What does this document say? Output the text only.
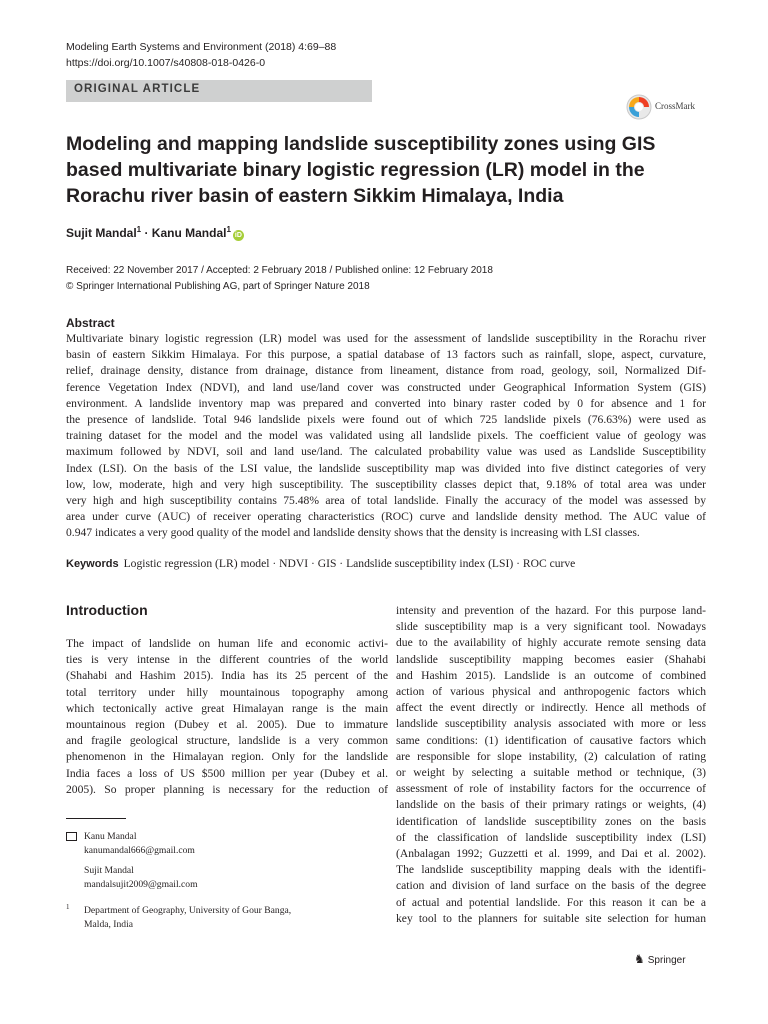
Modeling Earth Systems and Environment (2018) 4:69–88
https://doi.org/10.1007/s40808-018-0426-0
ORIGINAL ARTICLE
CrossMark
Modeling and mapping landslide susceptibility zones using GIS based multivariate binary logistic regression (LR) model in the Rorachu river basin of eastern Sikkim Himalaya, India
Sujit Mandal$^1$ · Kanu Mandal$^1$iD
Received: 22 November 2017 / Accepted: 2 February 2018 / Published online: 12 February 2018
© Springer International Publishing AG, part of Springer Nature 2018
Abstract
Multivariate binary logistic regression (LR) model was used for the assessment of landslide susceptibility in the Rorachu river
basin of eastern Sikkim Himalaya. For this purpose, a spatial database of 13 factors such as rainfall, slope, aspect, curvature,
relief, drainage density, distance from drainage, distance from lineament, distance from road, geology, soil, Normalized Dif-
ference Vegetation Index (NDVI), and land use/land cover was constructed under Geographical Information System (GIS)
environment. A landslide inventory map was prepared and converted into binary raster coded by 0 for absence and 1 for
the presence of landslide. Total 946 landslide pixels were found out of which 725 landslide pixels (76.63%) were used as
training dataset for the model and the model was validated using all landslide pixels. The coefficient value of geology was
maximum followed by NDVI, soil and land use/land. The calculated probability value was used as Landslide Susceptibility
Index (LSI). On the basis of the LSI value, the landslide susceptibility map was divided into five distinct categories of very
low, low, moderate, high and very high susceptibility. The susceptibility classes depict that, 9.18% of total area was under
very high and high susceptibility contains 75.48% area of total landslide. Finally the accuracy of the model was assessed by
area under curve (AUC) of receiver operating characteristics (ROC) curve and landslide density method. The AUC value of
0.947 indicates a very good quality of the model and landslide density shows that the density is increasing with LSI classes.
Keywords Logistic regression (LR) model · NDVI · GIS · Landslide susceptibility index (LSI) · ROC curve
Introduction
The impact of landslide on human life and economic activi-
ties is very intense in the different countries of the world
(Shahabi and Hashim 2015). India has its 25 percent of the
total territory under hilly mountainous topography among
which tectonically active great Himalayan range is the main
mountainous region (Dubey et al. 2005). Due to immature
and fragile geological structure, landslide is a very common
phenomenon in the Himalayan region. Only for the landslide
India faces a loss of US $500 million per year (Dubey et al.
2005). So proper planning is necessary for the reduction of
intensity and prevention of the hazard. For this purpose land-
slide susceptibility map is a very significant tool. Nowadays
due to the availability of highly accurate remote sensing data
landslide susceptibility mapping becomes easier (Shahabi
and Hashim 2015). Landslide is an outcome of combined
action of various physical and anthropogenic factors which
affect the event directly or indirectly. Hence all methods of
landslide susceptibility analysis associated with more or less
same conditions: (1) identification of causative factors which
are responsible for slope instability, (2) calculation of rating
or weight by selecting a suitable method or technique, (3)
assessment of role of instability factors for the occurrence of
landslide on the basis of their primary ratings or weights, (4)
identification of landslide susceptibility zones on the basis
of the classification of landslide susceptibility index (LSI)
(Anbalagan 1992; Guzzetti et al. 1999, and Dai et al. 2002).
The landslide susceptibility mapping deals with the identifi-
cation and division of land surface on the basis of the degree
of actual and potential landslide. For this reason it can be a
key tool to the planners for suitable site selection for human
Kanu Mandal
kanumandal666@gmail.com
Sujit Mandal
mandalsujit2009@gmail.com
1 Department of Geography, University of Gour Banga,
Malda, India
♞ Springer
